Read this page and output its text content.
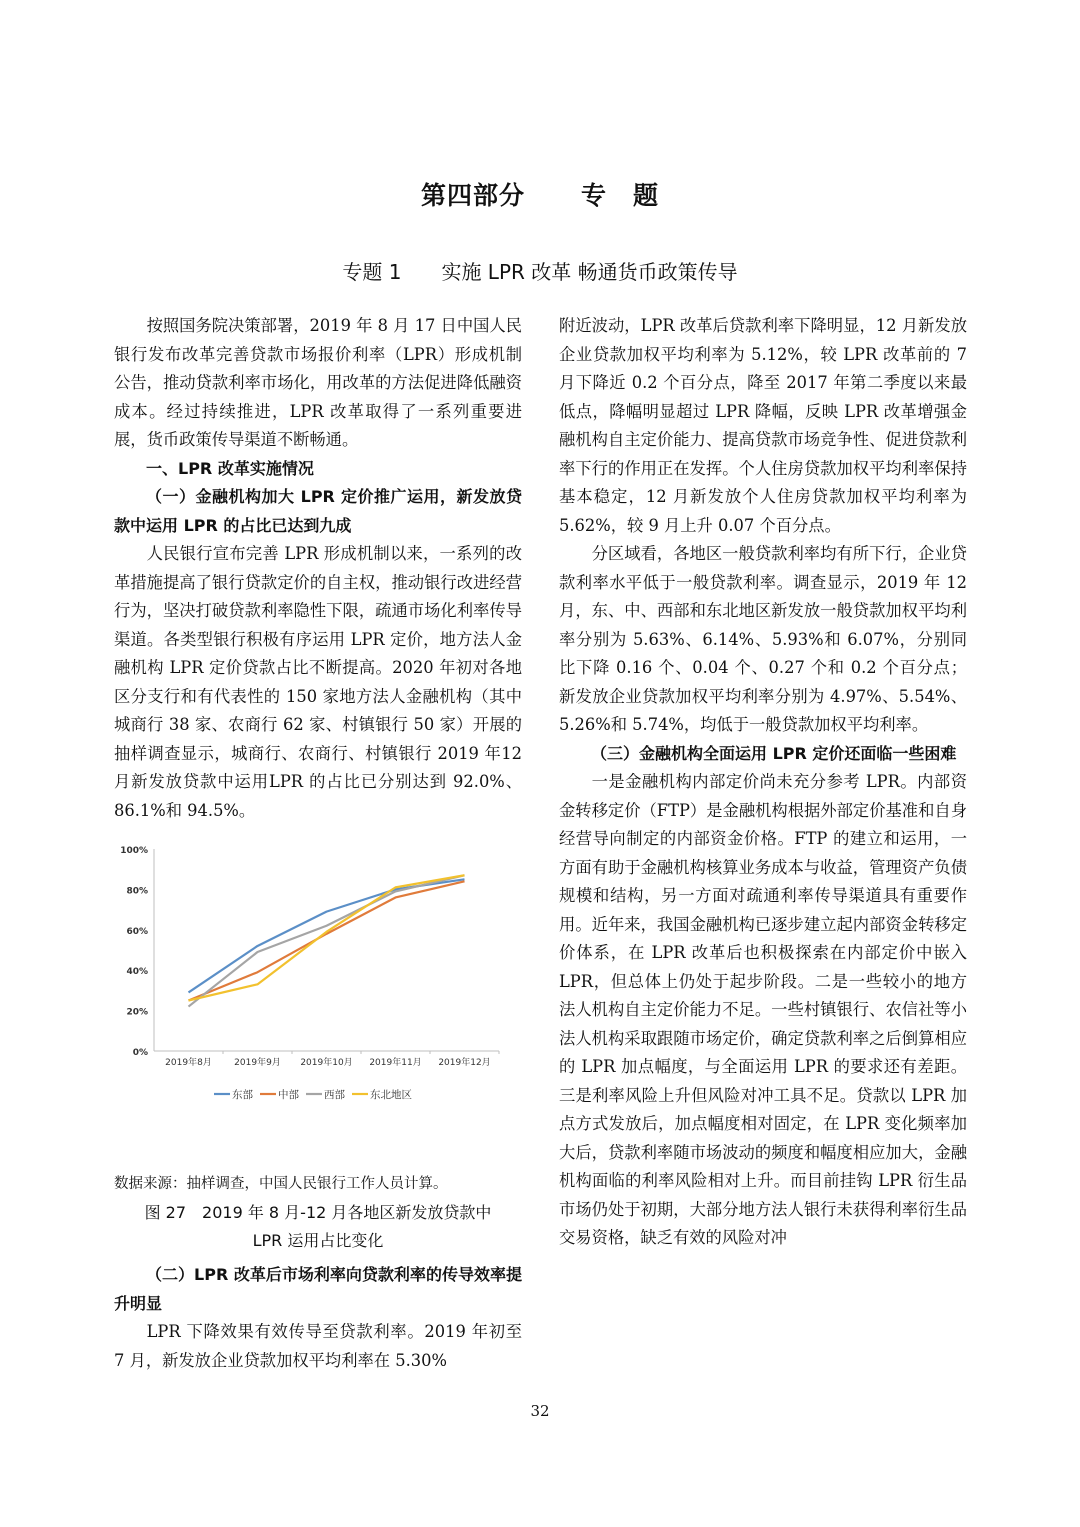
第四部分 专　题
专题 1 实施 LPR 改革 畅通货币政策传导

按照国务院决策部署，2019 年 8 月 17 日中国人民银行发布改革完善贷款市场报价利率（LPR）形成机制公告，推动贷款利率市场化，用改革的方法促进降低融资成本。经过持续推进，LPR 改革取得了一系列重要进展，货币政策传导渠道不断畅通。

一、LPR 改革实施情况

（一）金融机构加大 LPR 定价推广运用，新发放贷款中运用 LPR 的占比已达到九成

人民银行宣布完善 LPR 形成机制以来，一系列的改革措施提高了银行贷款定价的自主权，推动银行改进经营行为，坚决打破贷款利率隐性下限，疏通市场化利率传导渠道。各类型银行积极有序运用 LPR 定价，地方法人金融机构 LPR 定价贷款占比不断提高。2020 年初对各地区分支行和有代表性的 150 家地方法人金融机构（其中城商行 38 家、农商行 62 家、村镇银行 50 家）开展的抽样调查显示，城商行、农商行、村镇银行 2019 年12 月新发放贷款中运用LPR 的占比已分别达到 92.0%、86.1%和 94.5%。

0%
20%
40%
60%
80%
100%
2019年8月 2019年9月 2019年10月 2019年11月 2019年12月
东部 中部 西部 东北地区

数据来源：抽样调查，中国人民银行工作人员计算。

图 27　2019 年 8 月-12 月各地区新发放贷款中
LPR 运用占比变化

（二）LPR 改革后市场利率向贷款利率的传导效率提升明显

LPR 下降效果有效传导至贷款利率。2019 年初至 7 月，新发放企业贷款加权平均利率在 5.30%

附近波动，LPR 改革后贷款利率下降明显，12 月新发放企业贷款加权平均利率为 5.12%，较 LPR 改革前的 7 月下降近 0.2 个百分点，降至 2017 年第二季度以来最低点，降幅明显超过 LPR 降幅，反映 LPR 改革增强金融机构自主定价能力、提高贷款市场竞争性、促进贷款利率下行的作用正在发挥。个人住房贷款加权平均利率保持基本稳定，12 月新发放个人住房贷款加权平均利率为 5.62%，较 9 月上升 0.07 个百分点。

分区域看，各地区一般贷款利率均有所下行，企业贷款利率水平低于一般贷款利率。调查显示，2019 年 12 月，东、中、西部和东北地区新发放一般贷款加权平均利率分别为 5.63%、6.14%、5.93%和 6.07%，分别同比下降 0.16 个、0.04 个、0.27 个和 0.2 个百分点；新发放企业贷款加权平均利率分别为 4.97%、5.54%、5.26%和 5.74%，均低于一般贷款加权平均利率。

（三）金融机构全面运用 LPR 定价还面临一些困难

一是金融机构内部定价尚未充分参考 LPR。内部资金转移定价（FTP）是金融机构根据外部定价基准和自身经营导向制定的内部资金价格。FTP 的建立和运用，一方面有助于金融机构核算业务成本与收益，管理资产负债规模和结构，另一方面对疏通利率传导渠道具有重要作用。近年来，我国金融机构已逐步建立起内部资金转移定价体系，在 LPR 改革后也积极探索在内部定价中嵌入 LPR，但总体上仍处于起步阶段。二是一些较小的地方法人机构自主定价能力不足。一些村镇银行、农信社等小法人机构采取跟随市场定价，确定贷款利率之后倒算相应的 LPR 加点幅度，与全面运用 LPR 的要求还有差距。三是利率风险上升但风险对冲工具不足。贷款以 LPR 加点方式发放后，加点幅度相对固定，在 LPR 变化频率加大后，贷款利率随市场波动的频度和幅度相应加大，金融机构面临的利率风险相对上升。而目前挂钩 LPR 衍生品市场仍处于初期，大部分地方法人银行未获得利率衍生品交易资格，缺乏有效的风险对冲

32
